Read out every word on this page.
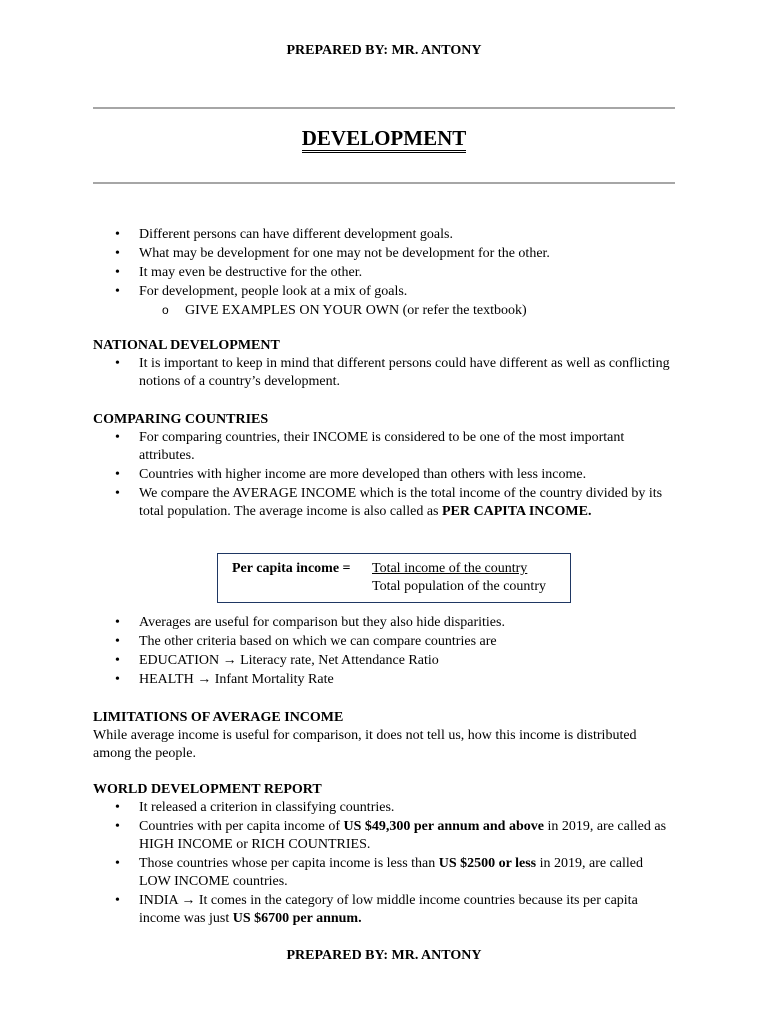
PREPARED BY: MR. ANTONY
DEVELOPMENT
• Different persons can have different development goals.
• What may be development for one may not be development for the other.
• It may even be destructive for the other.
• For development, people look at a mix of goals.
o GIVE EXAMPLES ON YOUR OWN (or refer the textbook)

NATIONAL DEVELOPMENT

• It is important to keep in mind that different persons could have different as well as conflicting notions of a country’s development.

COMPARING COUNTRIES

• For comparing countries, their INCOME is considered to be one of the most important attributes.
• Countries with higher income are more developed than others with less income.
• We compare the AVERAGE INCOME which is the total income of the country divided by its total population. The average income is also called as PER CAPITA INCOME.
Per capita income = Total income of the country
Total population of the country
• Averages are useful for comparison but they also hide disparities.
• The other criteria based on which we can compare countries are
• EDUCATION → Literacy rate, Net Attendance Ratio
• HEALTH → Infant Mortality Rate

LIMITATIONS OF AVERAGE INCOME

While average income is useful for comparison, it does not tell us, how this income is distributed among the people.

WORLD DEVELOPMENT REPORT

• It released a criterion in classifying countries.
• Countries with per capita income of US $49,300 per annum and above in 2019, are called as HIGH INCOME or RICH COUNTRIES.
• Those countries whose per capita income is less than US $2500 or less in 2019, are called LOW INCOME countries.
• INDIA → It comes in the category of low middle income countries because its per capita income was just US $6700 per annum.
PREPARED BY: MR. ANTONY
